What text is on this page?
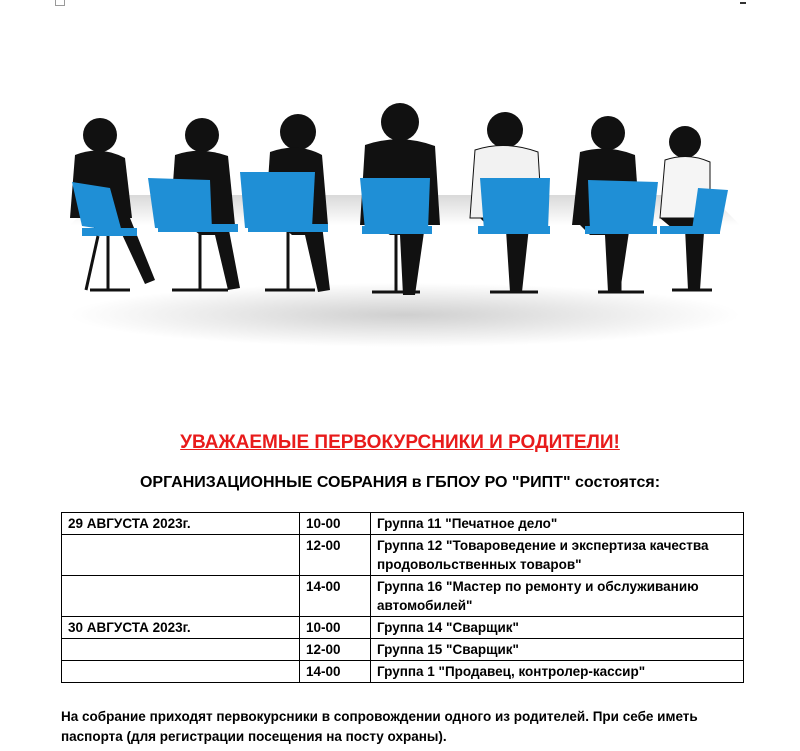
УВАЖАЕМЫЕ ПЕРВОКУРСНИКИ И РОДИТЕЛИ!
ОРГАНИЗАЦИОННЫЕ СОБРАНИЯ в ГБПОУ РО "РИПТ" состоятся:
29 АВГУСТА 2023г.	10-00	Группа 11 "Печатное дело"
	12-00	Группа 12 "Товароведение и экспертиза качества продовольственных товаров"
	14-00	Группа 16 "Мастер по ремонту и обслуживанию автомобилей"
30 АВГУСТА 2023г.	10-00	Группа 14 "Сварщик"
	12-00	Группа 15 "Сварщик"
	14-00	Группа 1 "Продавец, контролер-кассир"
На собрание приходят первокурсники в сопровождении одного из родителей. При себе иметь паспорта (для регистрации посещения на посту охраны).
